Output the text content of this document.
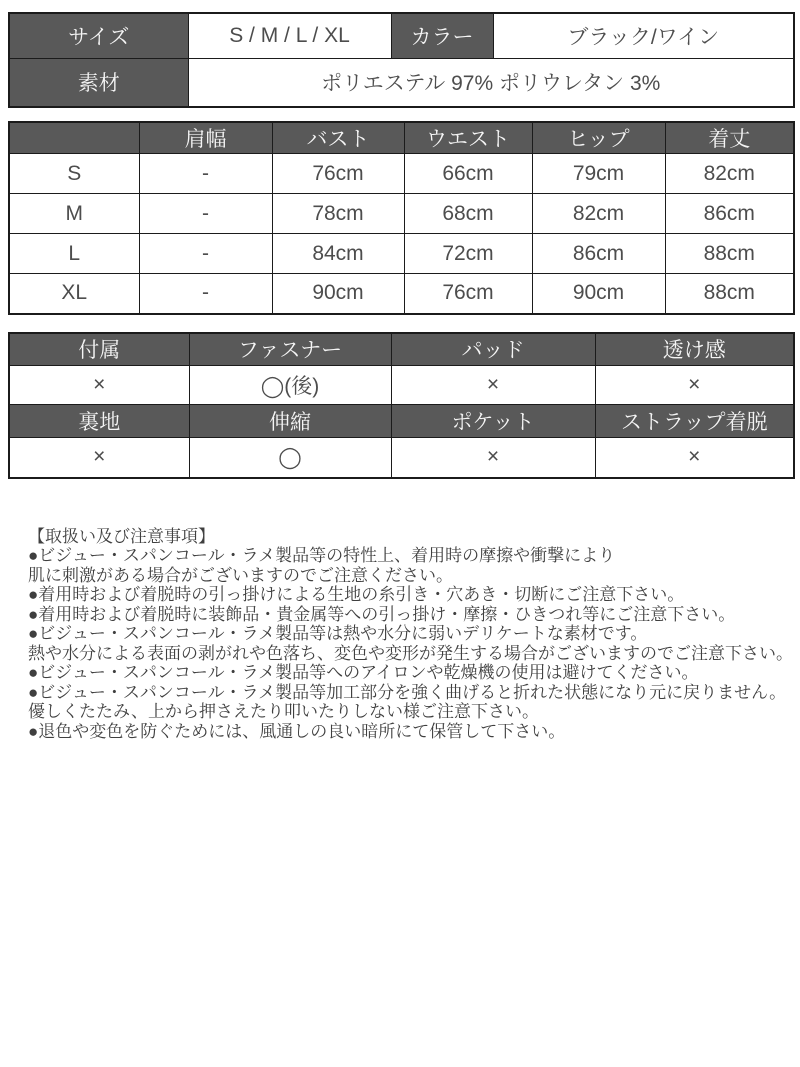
サイズ	S / M / L / XL	カラー	ブラック/ワイン
素材	ポリエステル 97% ポリウレタン 3%		
	肩幅	バスト	ウエスト	ヒップ	着丈
S	-	76cm	66cm	79cm	82cm
M	-	78cm	68cm	82cm	86cm
L	-	84cm	72cm	86cm	88cm
XL	-	90cm	76cm	90cm	88cm
付属	ファスナー	パッド	透け感
×	◯(後)	×	×
裏地	伸縮	ポケット	ストラップ着脱
×	◯	×	×
【取扱い及び注意事項】
●ビジュー・スパンコール・ラメ製品等の特性上、着用時の摩擦や衝撃により
肌に刺激がある場合がございますのでご注意ください。
●着用時および着脱時の引っ掛けによる生地の糸引き・穴あき・切断にご注意下さい。
●着用時および着脱時に装飾品・貴金属等への引っ掛け・摩擦・ひきつれ等にご注意下さい。
●ビジュー・スパンコール・ラメ製品等は熱や水分に弱いデリケートな素材です。
熱や水分による表面の剥がれや色落ち、変色や変形が発生する場合がございますのでご注意下さい。
●ビジュー・スパンコール・ラメ製品等へのアイロンや乾燥機の使用は避けてください。
●ビジュー・スパンコール・ラメ製品等加工部分を強く曲げると折れた状態になり元に戻りません。
優しくたたみ、上から押さえたり叩いたりしない様ご注意下さい。
●退色や変色を防ぐためには、風通しの良い暗所にて保管して下さい。
